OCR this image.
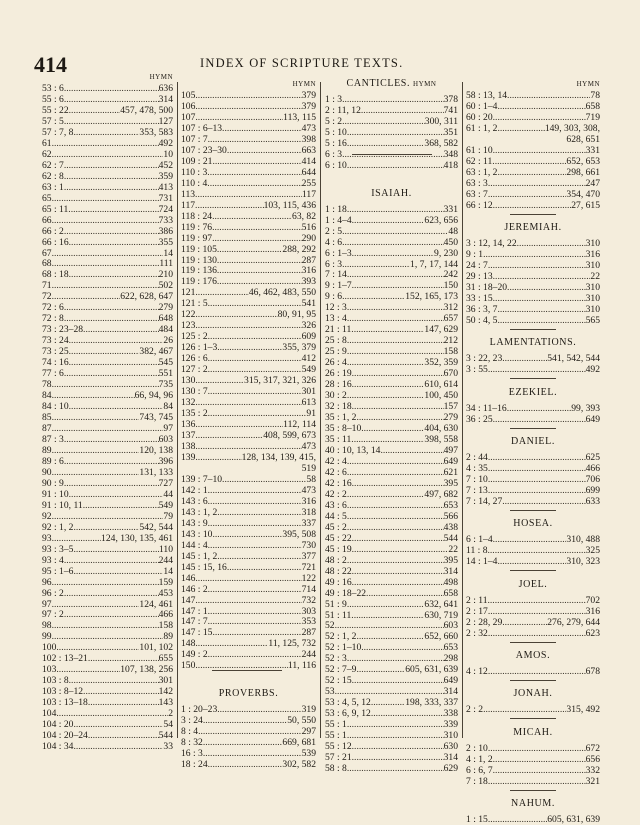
414	INDEX OF SCRIPTURE TEXTS.
HYMN
53 : 6 .....	636
55 : 6 .....	314
55 : 22 .....	457, 478, 500
57 : 5 .....	127
57 : 7, 8 .....	353, 583
61 .....	492
62 .....	10
62 : 7 .....	452
62 : 8 .....	359
63 : 1 .....	413
65 .....	731
65 : 11 .....	724
66 .....	733
66 : 2 .....	386
66 : 16 .....	355
67 .....	14
68 .....	111
68 : 18 .....	210
71 .....	502
72 .....	622, 628, 647
72 : 6 .....	279
72 : 8 .....	648
73 : 23–28 .....	484
73 : 24 .....	26
73 : 25 .....	382, 467
74 : 16 .....	545
77 : 6 .....	551
78 .....	735
84 .....	66, 94, 96
84 : 10 .....	84
85 .....	743, 745
87 .....	97
87 : 3 .....	603
89 .....	120, 138
89 : 6 .....	396
90 .....	131, 133
90 : 9 .....	727
91 : 10 .....	44
91 : 10, 11 .....	549
92 .....	79
92 : 1, 2 .....	542, 544
93 .....	124, 130, 135, 461
93 : 3–5 .....	110
93 : 4 .....	244
95 : 1–6 .....	14
96 .....	159
96 : 2 .....	453
97 .....	124, 461
97 : 2 .....	466
98 .....	158
99 .....	89
100 .....	101, 102
102 : 13–21 .....	655
103 .....	107, 138, 256
103 : 8 .....	301
103 : 8–12 .....	142
103 : 13–18 .....	143
104 .....	2
104 : 20 .....	54
104 : 20–24 .....	544
104 : 34 .....	33
HYMN
105 .....	379
106 .....	379
107 .....	113, 115
107 : 6–13 .....	473
107 : 7 .....	398
107 : 23–30 .....	663
109 : 21 .....	414
110 : 3 .....	644
110 : 4 .....	255
113 .....	117
117 .....	103, 115, 436
118 : 24 .....	63, 82
119 : 76 .....	516
119 : 97 .....	290
119 : 105 .....	288, 292
119 : 130 .....	287
119 : 136 .....	316
119 : 176 .....	393
121 .....	46, 462, 483, 550
121 : 5 .....	541
122 .....	80, 91, 95
123 .....	326
125 : 2 .....	609
126 : 1–3 .....	355, 379
126 : 6 .....	412
127 : 2 .....	549
130 .....	315, 317, 321, 326
130 : 7 .....	301
132 .....	613
135 : 2 .....	91
136 .....	112, 114
137 .....	408, 599, 673
138 .....	473
139 .....	128, 134, 139, 415,
519
139 : 7–10 .....	58
142 : 1 .....	473
143 : 6 .....	316
143 : 1, 2 .....	318
143 : 9 .....	337
143 : 10 .....	395, 508
144 : 4 .....	730
145 : 1, 2 .....	377
145 : 15, 16 .....	721
146 .....	122
146 : 2 .....	714
147 .....	732
147 : 1 .....	303
147 : 7 .....	353
147 : 15 .....	287
148 .....	11, 125, 732
149 : 2 .....	244
150 .....	11, 116
PROVERBS.
1 : 20–23 .....	319
3 : 24 .....	50, 550
8 : 4 .....	297
8 : 32 .....	669, 681
16 : 3 .....	539
18 : 24 .....	302, 582
CANTICLES. HYMN
1 : 3 .....	378
2 : 11, 12 .....	741
5 : 2 .....	300, 311
5 : 10 .....	351
5 : 16 .....	368, 582
6 : 3 .....	348
6 : 10 .....	418
ISAIAH.
1 : 18 .....	331
1 : 4–4 .....	623, 656
2 : 5 .....	48
4 : 6 .....	450
6 : 1–3 .....	9, 230
6 : 3 .....	1, 7, 17, 144
7 : 14 .....	242
9 : 1–7 .....	150
9 : 6 .....	152, 165, 173
12 : 3 .....	312
13 : 4 .....	657
21 : 11 .....	147, 629
25 : 8 .....	212
25 : 9 .....	158
26 : 4 .....	352, 359
26 : 19 .....	670
28 : 16 .....	610, 614
30 : 2 .....	100, 450
32 : 18 .....	157
35 : 1, 2 .....	279
35 : 8–10 .....	404, 630
35 : 11 .....	398, 558
40 : 10, 13, 14 .....	497
42 : 4 .....	649
42 : 6 .....	621
42 : 16 .....	395
42 : 2 .....	497, 682
43 : 6 .....	653
44 : 5 .....	566
45 : 2 .....	438
45 : 22 .....	544
45 : 19 .....	22
48 : 2 .....	395
48 : 22 .....	314
49 : 16 .....	498
49 : 18–22 .....	658
51 : 9 .....	632, 641
51 : 11 .....	630, 719
52 .....	603
52 : 1, 2 .....	652, 660
52 : 1–10 .....	653
52 : 3 .....	298
52 : 7–9 .....	605, 631, 639
52 : 15 .....	649
53 .....	314
53 : 4, 5, 12 .....	198, 333, 337
53 : 6, 9, 12 .....	338
55 : 1 .....	339
55 : 1 .....	310
55 : 12 .....	630
57 : 21 .....	314
58 : 8 .....	629
HYMN
58 : 13, 14 .....	78
60 : 1–4 .....	658
60 : 20 .....	719
61 : 1, 2 .....	149, 303, 308,
628, 651
61 : 10 .....	331
62 : 11 .....	652, 653
63 : 1, 2 .....	298, 661
63 : 3 .....	247
63 : 7 .....	354, 470
66 : 12 .....	27, 615
JEREMIAH.
3 : 12, 14, 22 .....	310
9 : 1 .....	316
24 : 7 .....	310
29 : 13 .....	22
31 : 18–20 .....	310
33 : 15 .....	310
36 : 3, 7 .....	310
50 : 4, 5 .....	565
LAMENTATIONS.
3 : 22, 23 .....	541, 542, 544
3 : 55 .....	492
EZEKIEL.
34 : 11–16 .....	99, 393
36 : 25 .....	649
DANIEL.
2 : 44 .....	625
4 : 35 .....	466
7 : 10 .....	706
7 : 13 .....	699
7 : 14, 27 .....	633
HOSEA.
6 : 1–4 .....	310, 488
11 : 8 .....	325
14 : 1–4 .....	310, 323
JOEL.
2 : 11 .....	702
2 : 17 .....	316
2 : 28, 29 .....	276, 279, 644
2 : 32 .....	623
AMOS.
4 : 12 .....	678
JONAH.
2 : 2 .....	315, 492
MICAH.
2 : 10 .....	672
4 : 1, 2 .....	656
6 : 6, 7 .....	332
7 : 18 .....	321
NAHUM.
1 : 15 .....	605, 631, 639
